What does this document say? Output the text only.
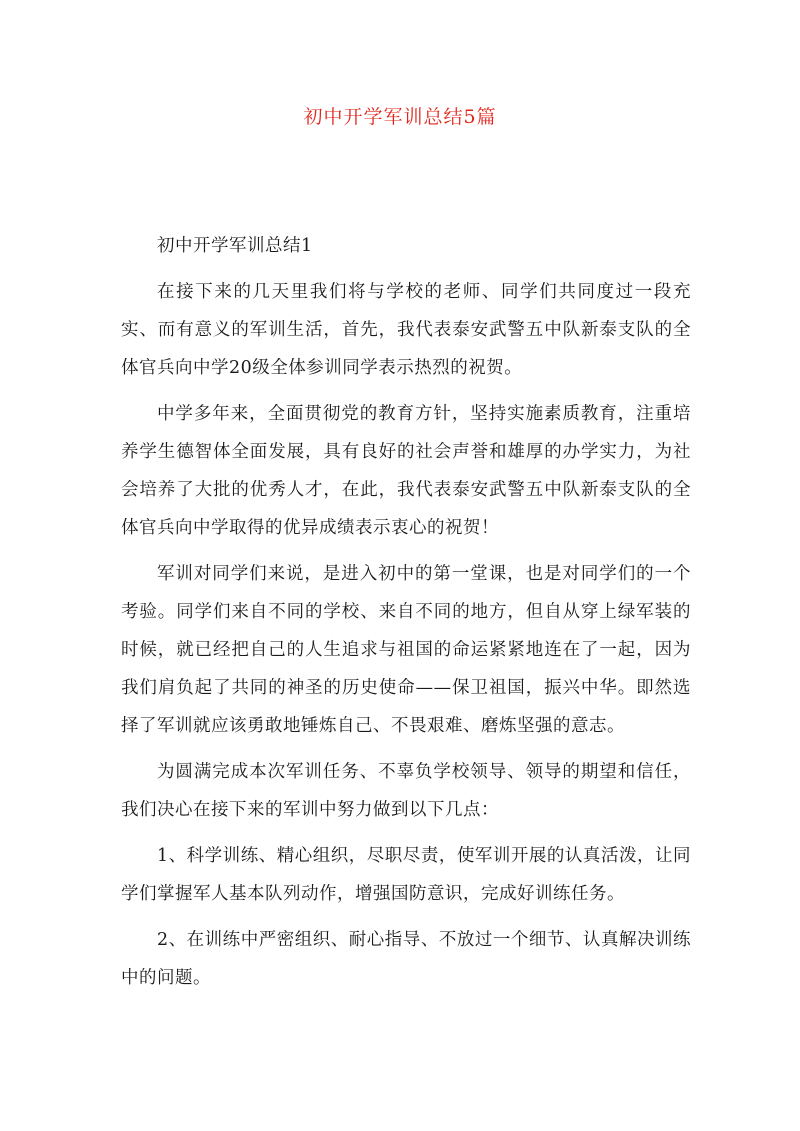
初中开学军训总结5篇

初中开学军训总结1

在接下来的几天里我们将与学校的老师、同学们共同度过一段充实、而有意义的军训生活，首先，我代表泰安武警五中队新泰支队的全体官兵向中学20级全体参训同学表示热烈的祝贺。

中学多年来，全面贯彻党的教育方针，坚持实施素质教育，注重培养学生德智体全面发展，具有良好的社会声誉和雄厚的办学实力，为社会培养了大批的优秀人才，在此，我代表泰安武警五中队新泰支队的全体官兵向中学取得的优异成绩表示衷心的祝贺！

军训对同学们来说，是进入初中的第一堂课，也是对同学们的一个考验。同学们来自不同的学校、来自不同的地方，但自从穿上绿军装的时候，就已经把自己的人生追求与祖国的命运紧紧地连在了一起，因为我们肩负起了共同的神圣的历史使命——保卫祖国，振兴中华。即然选择了军训就应该勇敢地锤炼自己、不畏艰难、磨炼坚强的意志。

为圆满完成本次军训任务、不辜负学校领导、领导的期望和信任，我们决心在接下来的军训中努力做到以下几点：

1、科学训练、精心组织，尽职尽责，使军训开展的认真活泼，让同学们掌握军人基本队列动作，增强国防意识，完成好训练任务。

2、在训练中严密组织、耐心指导、不放过一个细节、认真解决训练中的问题。
